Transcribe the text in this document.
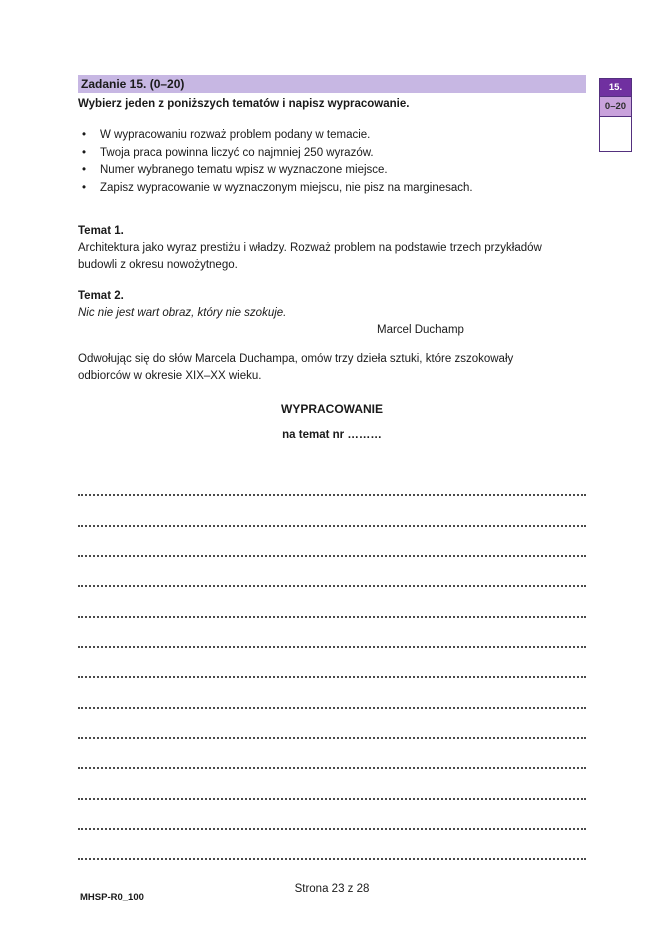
Zadanie 15. (0–20)
Wybierz jeden z poniższych tematów i napisz wypracowanie.
•	W wypracowaniu rozważ problem podany w temacie.
•	Twoja praca powinna liczyć co najmniej 250 wyrazów.
•	Numer wybranego tematu wpisz w wyznaczone miejsce.
•	Zapisz wypracowanie w wyznaczonym miejscu, nie pisz na marginesach.
Temat 1.
Architektura jako wyraz prestiżu i władzy. Rozważ problem na podstawie trzech przykładów
budowli z okresu nowożytnego.
Temat 2.
Nic nie jest wart obraz, który nie szokuje.
Marcel Duchamp
Odwołując się do słów Marcela Duchampa, omów trzy dzieła sztuki, które zszokowały
odbiorców w okresie XIX–XX wieku.
WYPRACOWANIE
na temat nr ………
15.
0–20
Strona 23 z 28
MHSP-R0_100
